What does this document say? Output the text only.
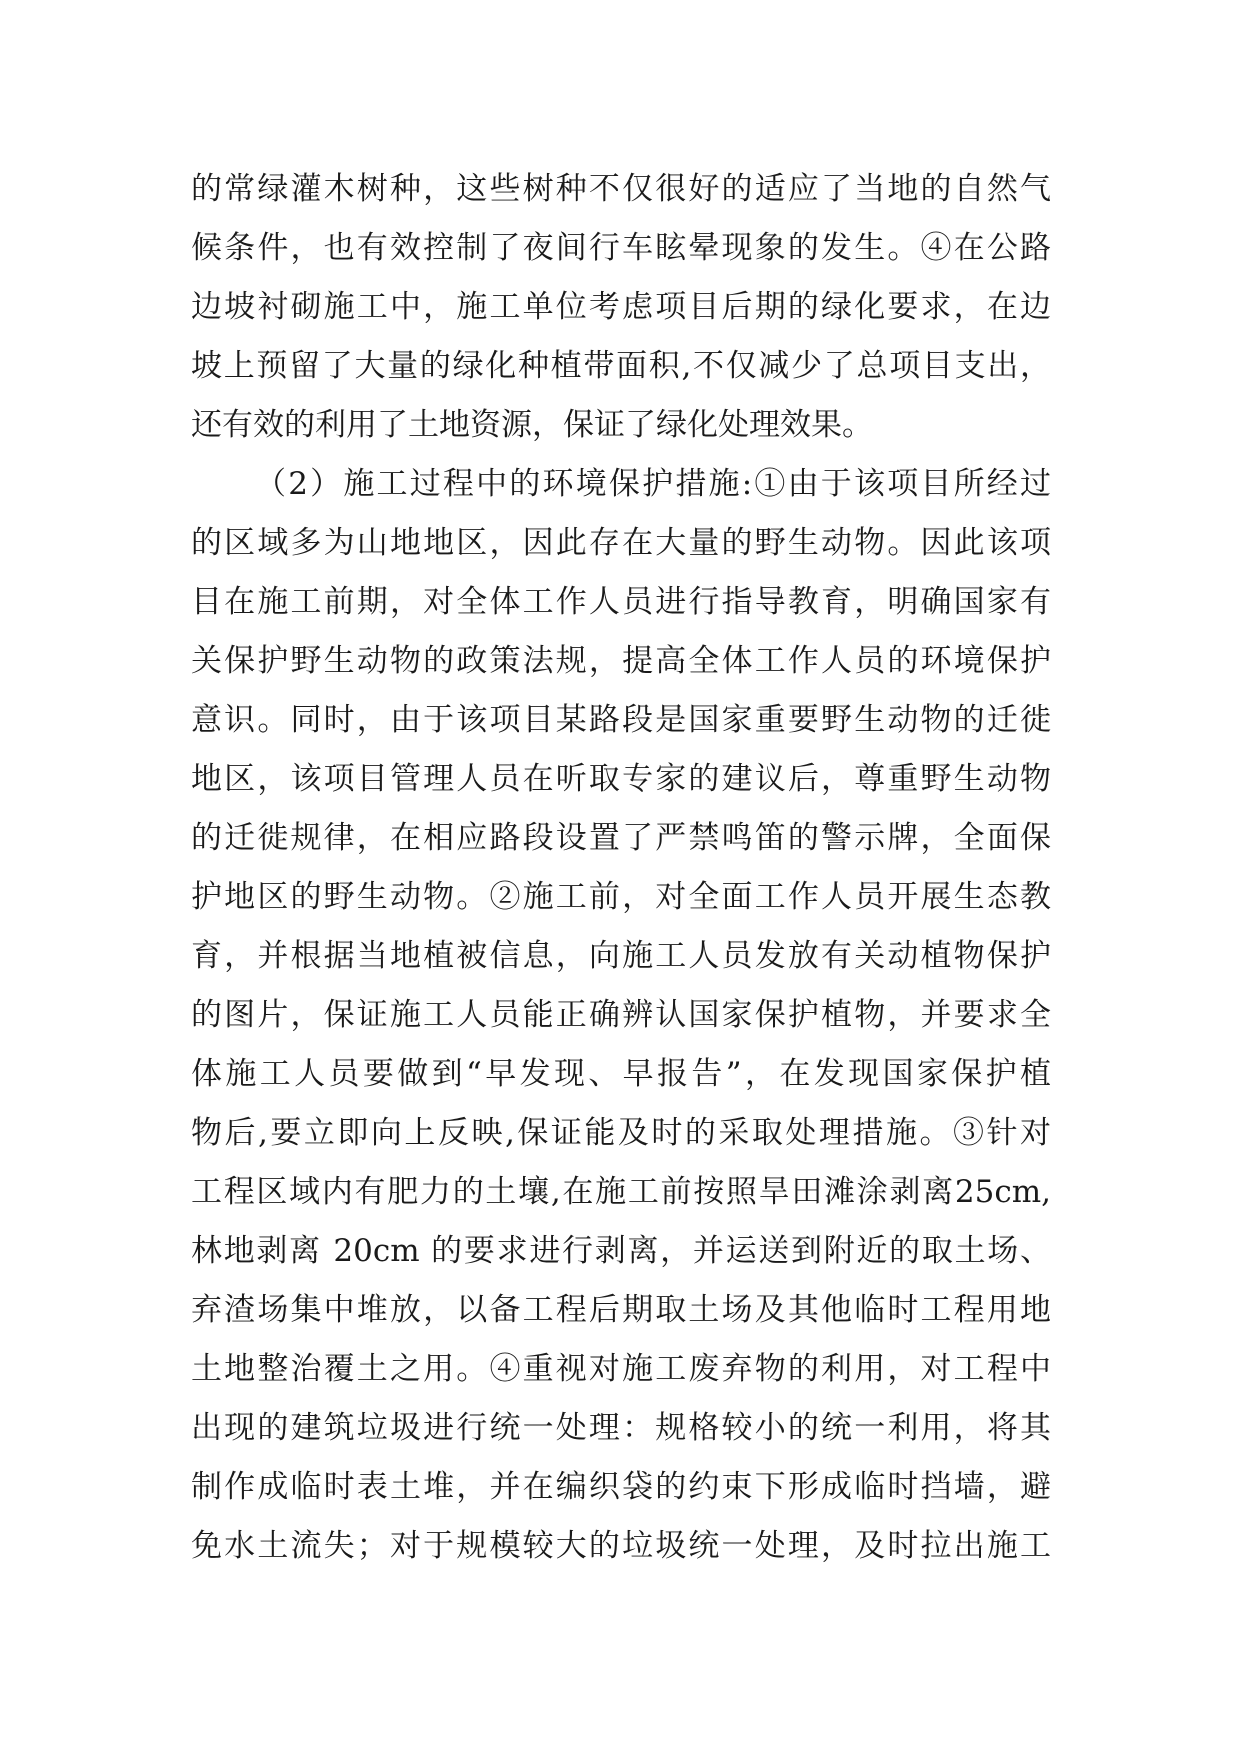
的常绿灌木树种，这些树种不仅很好的适应了当地的自然气
候条件，也有效控制了夜间行车眩晕现象的发生。④在公路
边坡衬砌施工中，施工单位考虑项目后期的绿化要求，在边
坡上预留了大量的绿化种植带面积,不仅减少了总项目支出，
还有效的利用了土地资源，保证了绿化处理效果。
（2）施工过程中的环境保护措施:①由于该项目所经过
的区域多为山地地区，因此存在大量的野生动物。因此该项
目在施工前期，对全体工作人员进行指导教育，明确国家有
关保护野生动物的政策法规，提高全体工作人员的环境保护
意识。同时，由于该项目某路段是国家重要野生动物的迁徙
地区，该项目管理人员在听取专家的建议后，尊重野生动物
的迁徙规律，在相应路段设置了严禁鸣笛的警示牌，全面保
护地区的野生动物。②施工前，对全面工作人员开展生态教
育，并根据当地植被信息，向施工人员发放有关动植物保护
的图片，保证施工人员能正确辨认国家保护植物，并要求全
体施工人员要做到“早发现、早报告”，在发现国家保护植
物后,要立即向上反映,保证能及时的采取处理措施。③针对
工程区域内有肥力的土壤,在施工前按照旱田滩涂剥离25cm,
林地剥离 20cm 的要求进行剥离，并运送到附近的取土场、
弃渣场集中堆放，以备工程后期取土场及其他临时工程用地
土地整治覆土之用。④重视对施工废弃物的利用，对工程中
出现的建筑垃圾进行统一处理：规格较小的统一利用，将其
制作成临时表土堆，并在编织袋的约束下形成临时挡墙，避
免水土流失；对于规模较大的垃圾统一处理，及时拉出施工
